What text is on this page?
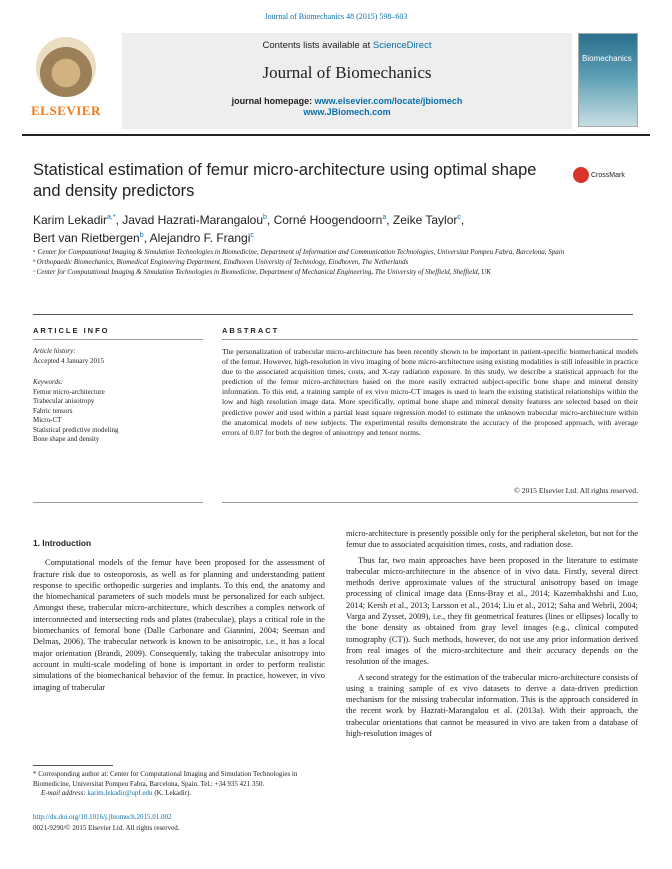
Journal of Biomechanics 48 (2015) 598–603
ELSEVIER
Contents lists available at ScienceDirect
Journal of Biomechanics
journal homepage: www.elsevier.com/locate/jbiomech
www.JBiomech.com
Biomechanics
Statistical estimation of femur micro-architecture using optimal shape and density predictors
CrossMark
Karim Lekadir$^{a,*}$, Javad Hazrati-Marangalou$^b$, Corné Hoogendoorn$^a$, Zeike Taylor$^c$,
Bert van Rietbergen$^b$, Alejandro F. Frangi$^c$
ᵃ Center for Computational Imaging & Simulation Technologies in Biomedicine, Department of Information and Communication Technologies, Universitat Pompeu Fabra, Barcelona, Spain
ᵇ Orthopaedic Biomechanics, Biomedical Engineering Department, Eindhoven University of Technology, Eindhoven, The Netherlands
ᶜ Center for Computational Imaging & Simulation Technologies in Biomedicine, Department of Mechanical Engineering, The University of Sheffield, Sheffield, UK
ARTICLE INFO	ABSTRACT
Article history:
Accepted 4 January 2015
Keywords:
Femur micro-architecture
Trabecular anisotropy
Fabric tensors
Micro-CT
Statistical predictive modeling
Bone shape and density
The personalization of trabecular micro-architecture has been recently shown to be important in patient-specific biomechanical models of the femur. However, high-resolution in vivo imaging of bone micro-architecture using existing modalities is still infeasible in practice due to the associated acquisition times, costs, and X-ray radiation exposure. In this study, we describe a statistical approach for the prediction of the femur micro-architecture based on the more easily extracted subject-specific bone shape and mineral density information. To this end, a training sample of ex vivo micro-CT images is used to learn the existing statistical relationships within the low and high resolution image data. More specifically, optimal bone shape and mineral density features are selected based on their predictive power and used within a partial least square regression model to estimate the unknown trabecular micro-architecture within the anatomical models of new subjects. The experimental results demonstrate the accuracy of the proposed approach, with average errors of 0.07 for both the degree of anisotropy and tensor norms.
© 2015 Elsevier Ltd. All rights reserved.

1. Introduction

Computational models of the femur have been proposed for the assessment of fracture risk due to osteoporosis, as well as for planning and understanding patient response to specific orthopedic surgeries and implants. To this end, the anatomy and the biomechanical parameters of such models must be personalized for each subject. Amongst these, trabecular micro-architecture, which describes a complex network of interconnected and intersecting rods and plates (trabeculae), plays a critical role in the biomechanics of femoral bone (Dalle Carbonare and Giannini, 2004; Seeman and Delmas, 2006). The trabecular network is known to be anisotropic, i.e., it has a local major orientation (Brandi, 2009). Consequently, taking the trabecular anisotropy into account in multi-scale modeling of bone is important in order to perform realistic simulations of the biomechanical behavior of the femur. In practice, however, in vivo imaging of trabecular

micro-architecture is presently possible only for the peripheral skeleton, but not for the femur due to associated acquisition times, costs, and radiation dose.

Thus far, two main approaches have been proposed in the literature to estimate trabecular micro-architecture in the absence of in vivo data. Firstly, several direct methods derive approximate values of the structural anisotropy based on image processing of clinical image data (Enns-Bray et al., 2014; Kazembakhshi and Luo, 2014; Kersh et al., 2013; Larsson et al., 2014; Liu et al., 2012; Saha and Wehrli, 2004; Varga and Zysset, 2009), i.e., they fit geometrical features (lines or ellipses) locally to the bone density as obtained from gray level images (e.g., clinical computed tomography (CT)). Such methods, however, do not use any prior information derived from real images of the micro-architecture and their accuracy depends on the resolution of the images.

A second strategy for the estimation of the trabecular micro-architecture consists of using a training sample of ex vivo datasets to derive a data-driven prediction mechanism for the missing trabecular information. This is the approach considered in the recent work by Hazrati-Marangalou et al. (2013a). With their approach, the trabecular orientations that cannot be measured in vivo are taken from a database of high-resolution images of

* Corresponding author at: Center for Computational Imaging and Simulation Technologies in Biomedicine, Universitat Pompeu Fabra, Barcelona, Spain. Tel.: +34 935 421 350.
E-mail address: karim.lekadir@upf.edu (K. Lekadir).
http://dx.doi.org/10.1016/j.jbiomech.2015.01.002
0021-9290/© 2015 Elsevier Ltd. All rights reserved.
